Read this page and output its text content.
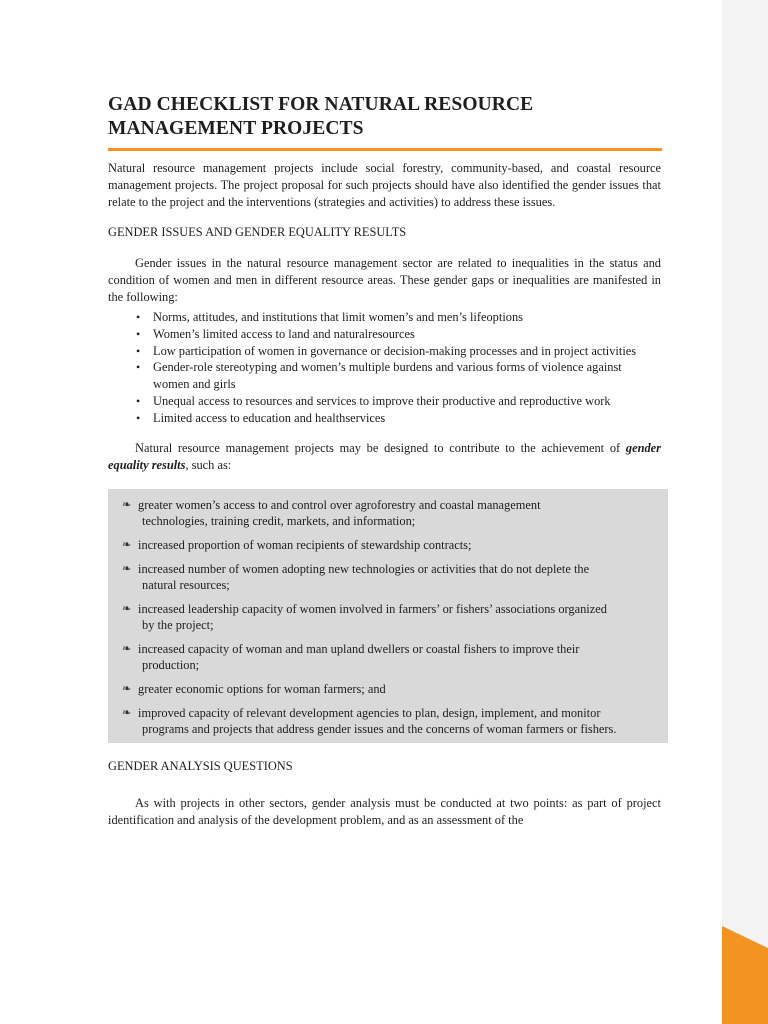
GAD CHECKLIST FOR NATURAL RESOURCE
MANAGEMENT PROJECTS

Natural resource management projects include social forestry, community-based, and coastal resource management projects. The project proposal for such projects should have also identified the gender issues that relate to the project and the interventions (strategies and activities) to address these issues.

GENDER ISSUES AND GENDER EQUALITY RESULTS

Gender issues in the natural resource management sector are related to inequalities in the status and condition of women and men in different resource areas. These gender gaps or inequalities are manifested in the following:

• Norms, attitudes, and institutions that limit women’s and men’s lifeoptions
• Women’s limited access to land and naturalresources
• Low participation of women in governance or decision-making processes and in project activities
• Gender-role stereotyping and women’s multiple burdens and various forms of violence against women and girls
• Unequal access to resources and services to improve their productive and reproductive work
• Limited access to education and healthservices

Natural resource management projects may be designed to contribute to the achievement of gender equality results, such as:

❧ greater women’s access to and control over agroforestry and coastal management
technologies, training credit, markets, and information;
❧ increased proportion of woman recipients of stewardship contracts;
❧ increased number of women adopting new technologies or activities that do not deplete the
natural resources;
❧ increased leadership capacity of women involved in farmers’ or fishers’ associations organized
by the project;
❧ increased capacity of woman and man upland dwellers or coastal fishers to improve their
production;
❧ greater economic options for woman farmers; and
❧ improved capacity of relevant development agencies to plan, design, implement, and monitor
programs and projects that address gender issues and the concerns of woman farmers or fishers.
GENDER ANALYSIS QUESTIONS

As with projects in other sectors, gender analysis must be conducted at two points: as part of project identification and analysis of the development problem, and as an assessment of the
